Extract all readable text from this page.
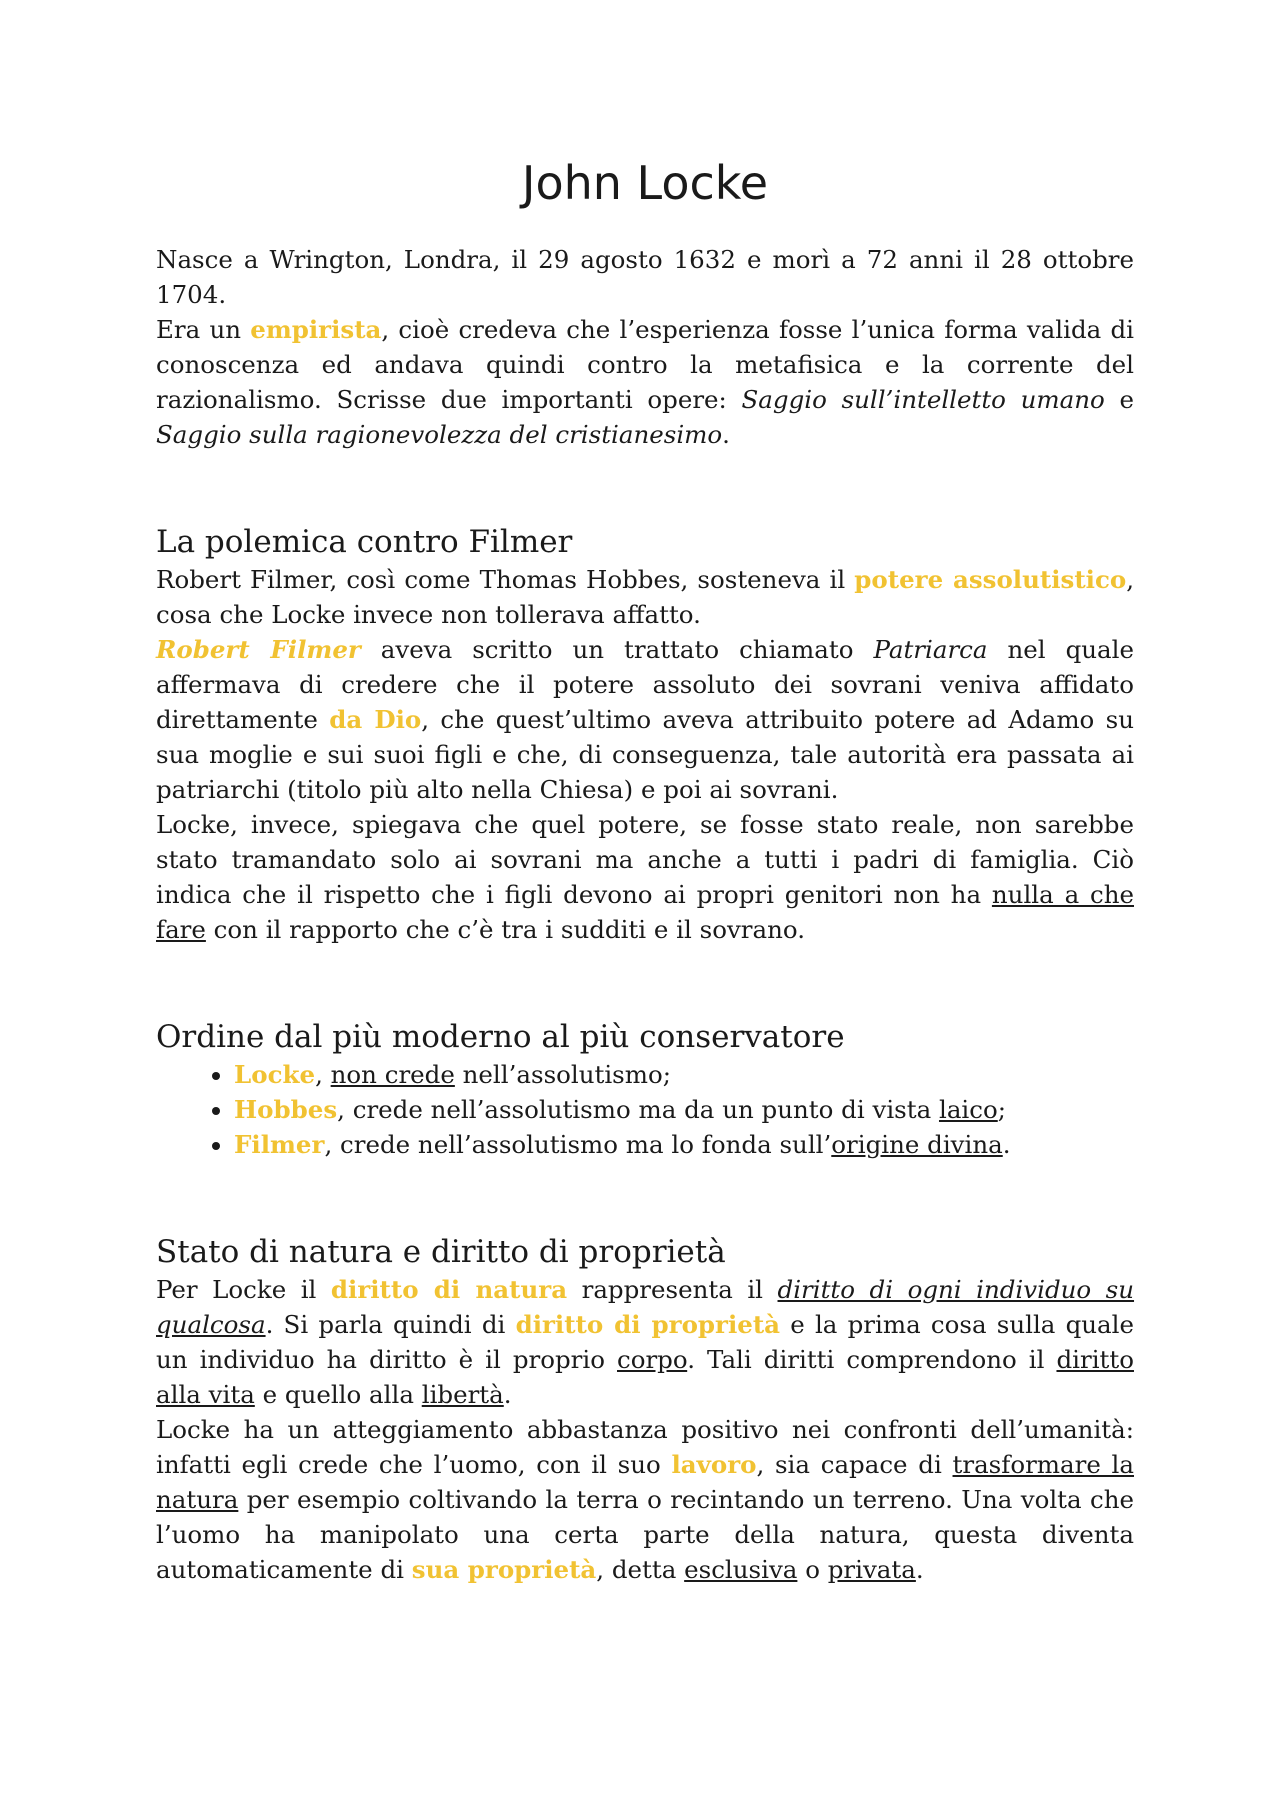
John Locke

Nasce a Wrington, Londra, il 29 agosto 1632 e morì a 72 anni il 28 ottobre 1704.

Era un empirista, cioè credeva che l’esperienza fosse l’unica forma valida di conoscenza ed andava quindi contro la metafisica e la corrente del razionalismo. Scrisse due importanti opere: Saggio sull’intelletto umano e Saggio sulla ragionevolezza del cristianesimo.

La polemica contro Filmer

Robert Filmer, così come Thomas Hobbes, sosteneva il potere assolutistico, cosa che Locke invece non tollerava affatto.

Robert Filmer aveva scritto un trattato chiamato Patriarca nel quale affermava di credere che il potere assoluto dei sovrani veniva affidato direttamente da Dio, che quest’ultimo aveva attribuito potere ad Adamo su sua moglie e sui suoi figli e che, di conseguenza, tale autorità era passata ai patriarchi (titolo più alto nella Chiesa) e poi ai sovrani.

Locke, invece, spiegava che quel potere, se fosse stato reale, non sarebbe stato tramandato solo ai sovrani ma anche a tutti i padri di famiglia. Ciò indica che il rispetto che i figli devono ai propri genitori non ha nulla a che fare con il rapporto che c’è tra i sudditi e il sovrano.

Ordine dal più moderno al più conservatore
• Locke, non crede nell’assolutismo;
• Hobbes, crede nell’assolutismo ma da un punto di vista laico;
• Filmer, crede nell’assolutismo ma lo fonda sull’origine divina.
Stato di natura e diritto di proprietà

Per Locke il diritto di natura rappresenta il diritto di ogni individuo su qualcosa. Si parla quindi di diritto di proprietà e la prima cosa sulla quale un individuo ha diritto è il proprio corpo. Tali diritti comprendono il diritto alla vita e quello alla libertà.

Locke ha un atteggiamento abbastanza positivo nei confronti dell’umanità: infatti egli crede che l’uomo, con il suo lavoro, sia capace di trasformare la natura per esempio coltivando la terra o recintando un terreno. Una volta che l’uomo ha manipolato una certa parte della natura, questa diventa automaticamente di sua proprietà, detta esclusiva o privata.
